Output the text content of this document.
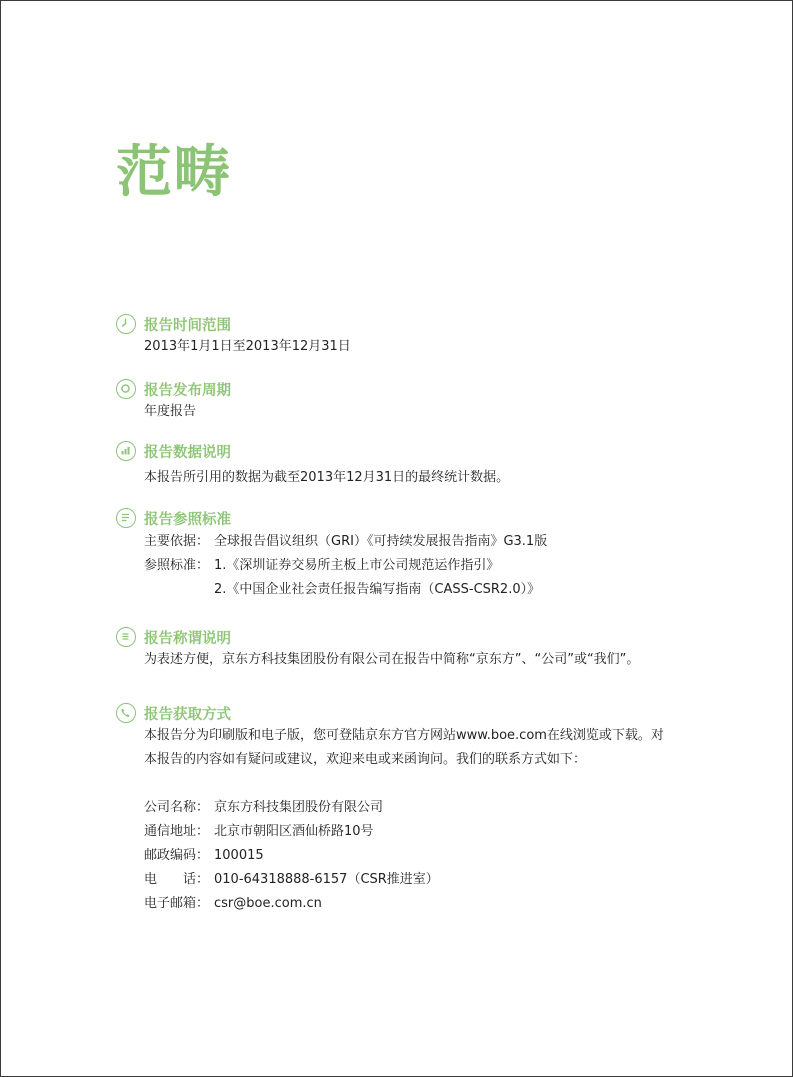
范畴
报告时间范围
2013年1月1日至2013年12月31日
报告发布周期
年度报告
报告数据说明
本报告所引用的数据为截至2013年12月31日的最终统计数据。
报告参照标准
主要依据： 全球报告倡议组织（GRI）《可持续发展报告指南》G3.1版
参照标准： 1.《深圳证券交易所主板上市公司规范运作指引》
2.《中国企业社会责任报告编写指南（CASS-CSR2.0）》
报告称谓说明
为表述方便，京东方科技集团股份有限公司在报告中简称“京东方”、“公司”或“我们”。
报告获取方式
本报告分为印刷版和电子版，您可登陆京东方官方网站www.boe.com在线浏览或下载。对
本报告的内容如有疑问或建议，欢迎来电或来函询问。我们的联系方式如下：
公司名称： 京东方科技集团股份有限公司
通信地址： 北京市朝阳区酒仙桥路10号
邮政编码： 100015
电　　话： 010-64318888-6157（CSR推进室）
电子邮箱： csr@boe.com.cn
